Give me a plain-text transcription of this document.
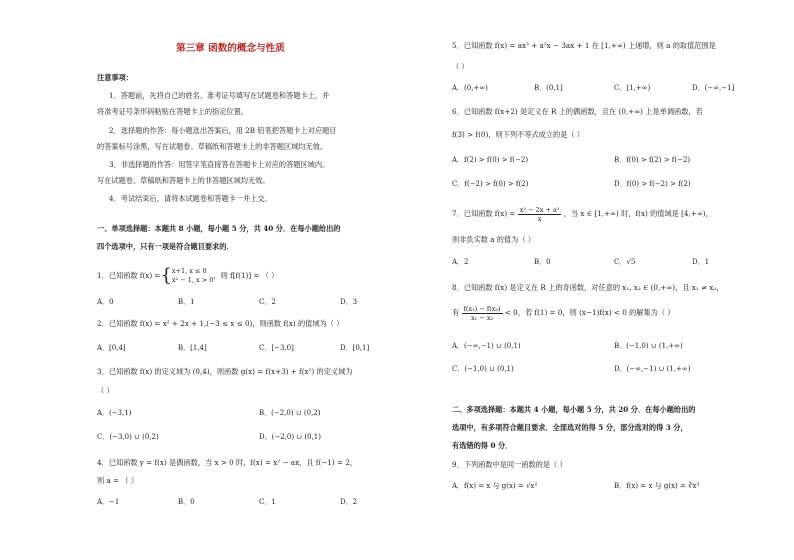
第三章 函数的概念与性质
注意事项：
1．答题前，先将自己的姓名、准考证号填写在试题卷和答题卡上，并
将准考证号条形码粘贴在答题卡上的指定位置。
2．选择题的作答：每小题选出答案后，用 2B 铅笔把答题卡上对应题目
的答案标号涂黑，写在试题卷、草稿纸和答题卡上的非答题区域均无效。
3．非选择题的作答：用签字笔直接答在答题卡上对应的答题区域内。
写在试题卷、草稿纸和答题卡上的非答题区域均无效。
4．考试结束后，请将本试题卷和答题卡一并上交。
一、单项选择题：本题共 8 小题，每小题 5 分，共 40 分．在每小题给出的
四个选项中，只有一项是符合题目要求的．
1．已知函数 f(x) ={ x+1, x ≤ 0
x² − 1, x > 0 ，则 f[f(1)] = （ ）
A．0	B．1	C．2	D．3
2．已知函数 f(x) = x² + 2x + 1,(−3 ≤ x ≤ 0)，则函数 f(x) 的值域为（ ）
A．[0,4]	B．[1,4]	C．[−3,0]	D．[0,1]
3．已知函数 f(x) 的定义域为 (0,4)，则函数 g(x) = f(x+3) + f(x²) 的定义域为
（ ）
A．(−3,1)	B．(−2,0) ∪ (0,2)
C．(−3,0) ∪ (0,2)	D．(−2,0) ∪ (0,1)
4．已知函数 y = f(x) 是偶函数，当 x > 0 时，f(x) = x² − ax，且 f(−1) = 2，
则 a = （ ）
A．−1	B．0	C．1	D．2
5．已知函数 f(x) = ax³ + a²x − 3ax + 1 在 [1,+∞) 上递增，则 a 的取值范围是
（ ）
A．(0,+∞)	B．(0,1]	C．[1,+∞)	D．(−∞,−1]
6．已知函数 f(x+2) 是定义在 R 上的偶函数，且在 (0,+∞) 上是单调函数，若
f(3) > f(0)，则下列不等式成立的是（ ）
A．f(2) > f(0) > f(−2)	B．f(0) > f(2) > f(−2)
C．f(−2) > f(0) > f(2)	D．f(0) > f(−2) > f(2)
7．已知函数 $f(x) = \frac{\text{x² − 2x + a²}}{x}$ ，当 x ∈ [1,+∞) 时，f(x) 的值域是 [4,+∞)，
则非负实数 a 的值为（ ）
A．2	B．0	C．√5	D．1
8．已知函数 f(x) 是定义在 R 上的奇函数，对任意的 x₁, x₂ ∈ (0,+∞)，且 x₁ ≠ x₂，
有 $\frac{\text{f(x₁) − f(x₂)}}{\text{x₁ − x₂}} < 0$，若 f(1) = 0，则 (x−1)f(x) < 0 的解集为（ ）
A．(−∞,−1) ∪ (0,1)	B．(−1,0) ∪ (1,+∞)
C．(−1,0) ∪ (0,1)	D．(−∞,−1) ∪ (1,+∞)
二、多项选择题：本题共 4 小题，每小题 5 分，共 20 分．在每小题给出的
选项中，有多项符合题目要求．全部选对的得 5 分，部分选对的得 3 分，
有选错的得 0 分．
9．下列函数中是同一函数的是（ ）
A．f(x) = x 与 g(x) = √x²	B．f(x) = x 与 g(x) = ∛x³
